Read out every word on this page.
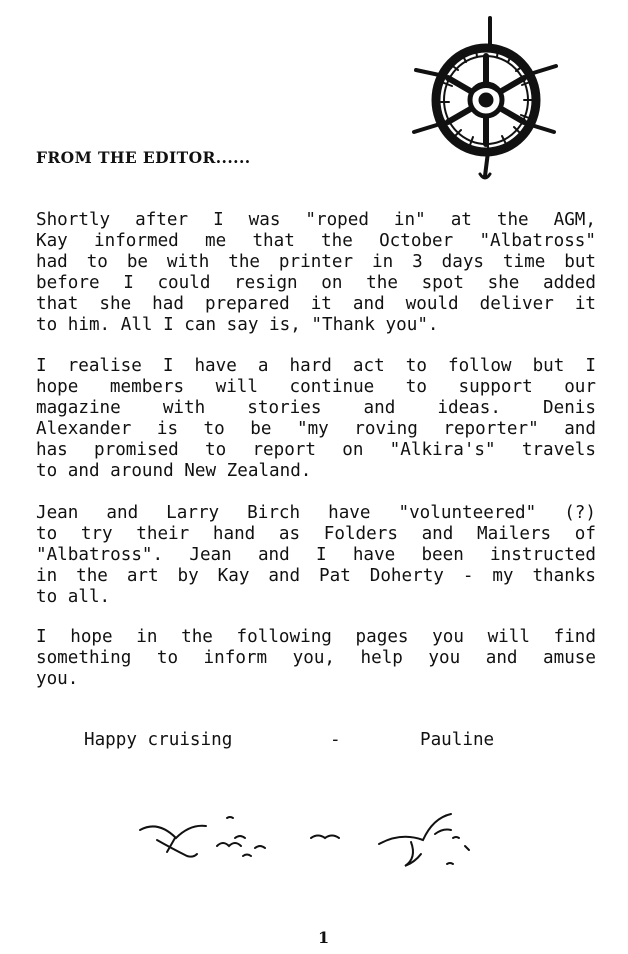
FROM THE EDITOR......
Shortly after I was "roped in" at the AGM,
Kay informed me that the October "Albatross"
had to be with the printer in 3 days time but
before I could resign on the spot she added
that she had prepared it and would deliver it
to him. All I can say is, "Thank you".
I realise I have a hard act to follow but I
hope members will continue to support our
magazine with stories and ideas. Denis
Alexander is to be "my roving reporter" and
has promised to report on "Alkira's" travels
to and around New Zealand.
Jean and Larry Birch have "volunteered" (?)
to try their hand as Folders and Mailers of
"Albatross". Jean and I have been instructed
in the art by Kay and Pat Doherty - my thanks
to all.
I hope in the following pages you will find
something to inform you, help you and amuse
you.
Happy cruising	-	Pauline
1
